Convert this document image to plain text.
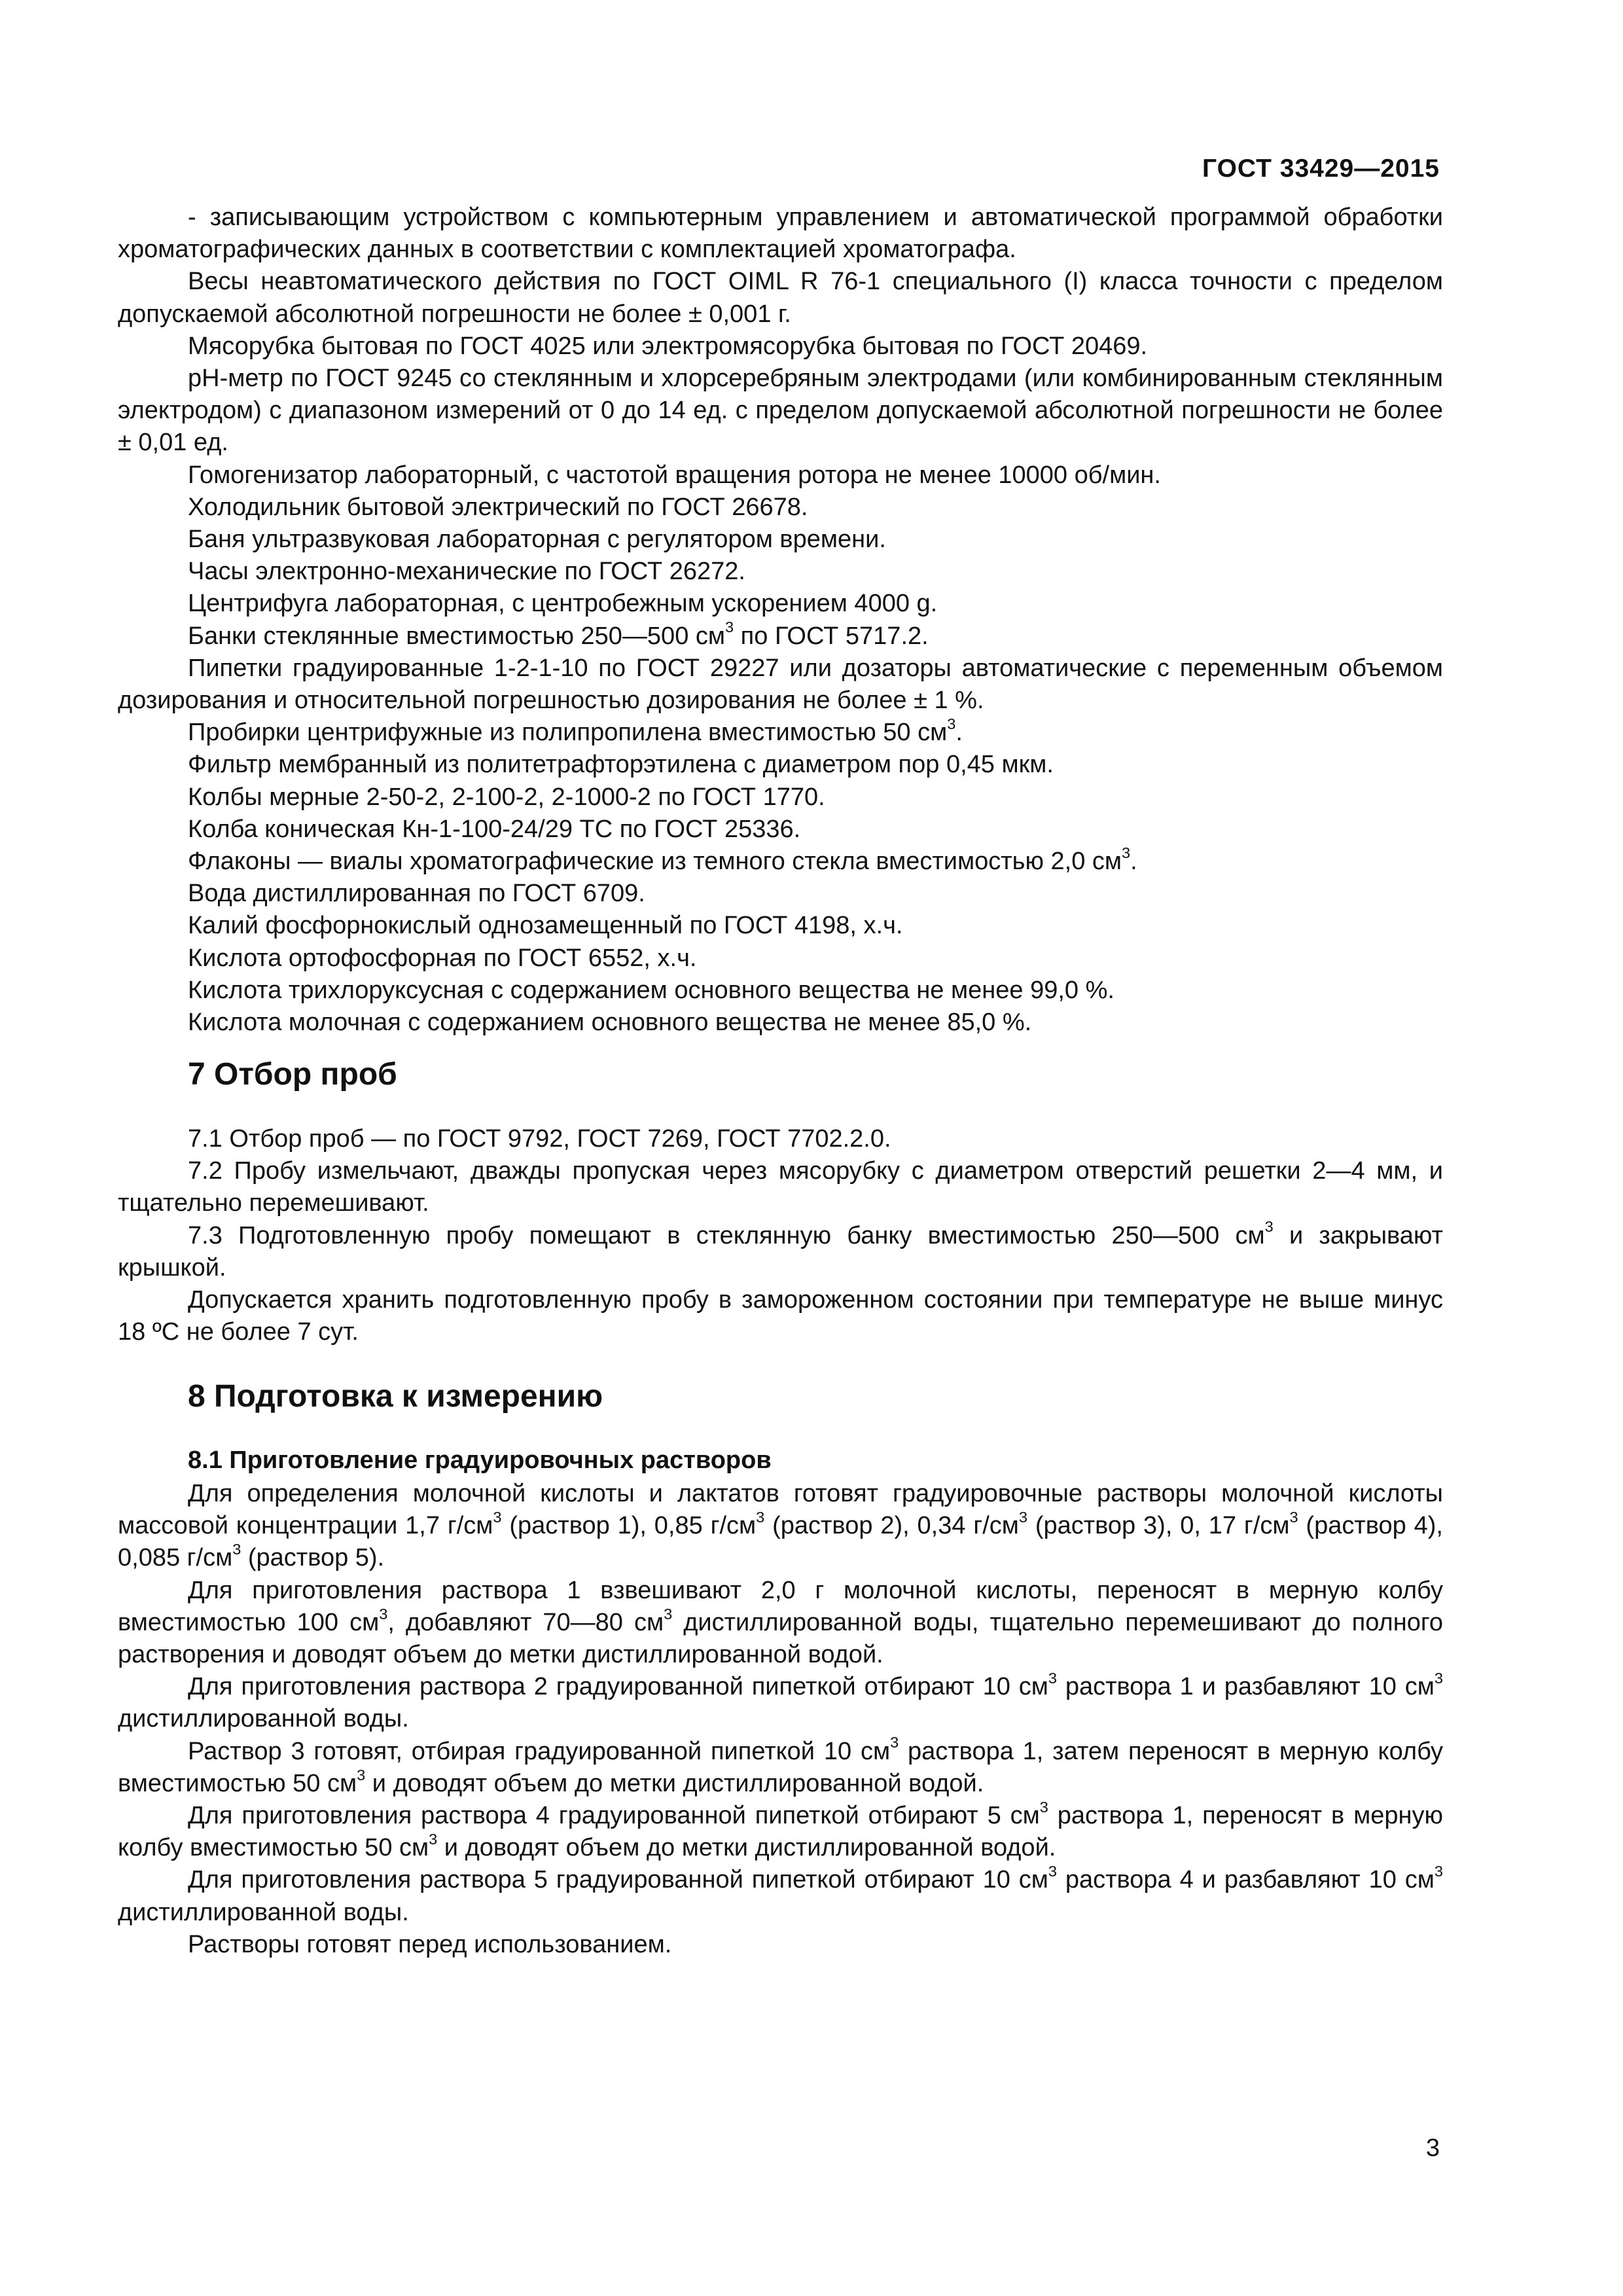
ГОСТ 33429—2015

- записывающим устройством с компьютерным управлением и автоматической программой обработки хроматографических данных в соответствии с комплектацией хроматографа.

Весы неавтоматического действия по ГОСТ OIML R 76-1 специального (I) класса точности с пределом допускаемой абсолютной погрешности не более ± 0,001 г.

Мясорубка бытовая по ГОСТ 4025 или электромясорубка бытовая по ГОСТ 20469.

pH-метр по ГОСТ 9245 со стеклянным и хлорсеребряным электродами (или комбинированным стеклянным электродом) с диапазоном измерений от 0 до 14 ед. с пределом допускаемой абсолютной погрешности не более ± 0,01 ед.

Гомогенизатор лабораторный, с частотой вращения ротора не менее 10000 об/мин.

Холодильник бытовой электрический по ГОСТ 26678.

Баня ультразвуковая лабораторная с регулятором времени.

Часы электронно-механические по ГОСТ 26272.

Центрифуга лабораторная, с центробежным ускорением 4000 g.

Банки стеклянные вместимостью 250—500 $см^3$ по ГОСТ 5717.2.

Пипетки градуированные 1-2-1-10 по ГОСТ 29227 или дозаторы автоматические с переменным объемом дозирования и относительной погрешностью дозирования не более ± 1 %.

Пробирки центрифужные из полипропилена вместимостью 50 $см^3$.

Фильтр мембранный из политетрафторэтилена с диаметром пор 0,45 мкм.

Колбы мерные 2-50-2, 2-100-2, 2-1000-2 по ГОСТ 1770.

Колба коническая Кн-1-100-24/29 ТС по ГОСТ 25336.

Флаконы — виалы хроматографические из темного стекла вместимостью 2,0 $см^3$.

Вода дистиллированная по ГОСТ 6709.

Калий фосфорнокислый однозамещенный по ГОСТ 4198, х.ч.

Кислота ортофосфорная по ГОСТ 6552, х.ч.

Кислота трихлоруксусная с содержанием основного вещества не менее 99,0 %.

Кислота молочная с содержанием основного вещества не менее 85,0 %.

7 Отбор проб

7.1 Отбор проб — по ГОСТ 9792, ГОСТ 7269, ГОСТ 7702.2.0.

7.2 Пробу измельчают, дважды пропуская через мясорубку с диаметром отверстий решетки 2—4 мм, и тщательно перемешивают.

7.3 Подготовленную пробу помещают в стеклянную банку вместимостью 250—500 $см^3$ и закрывают крышкой.

Допускается хранить подготовленную пробу в замороженном состоянии при температуре не выше минус 18 ºС не более 7 сут.

8 Подготовка к измерению
8.1 Приготовление градуировочных растворов

Для определения молочной кислоты и лактатов готовят градуировочные растворы молочной кислоты массовой концентрации 1,7 $г/см^3$ (раствор 1), 0,85 $г/см^3$ (раствор 2), 0,34 $г/см^3$ (раствор 3), 0, 17 $г/см^3$ (раствор 4), 0,085 $г/см^3$ (раствор 5).

Для приготовления раствора 1 взвешивают 2,0 г молочной кислоты, переносят в мерную колбу вместимостью 100 $см^3$, добавляют 70—80 $см^3$ дистиллированной воды, тщательно перемешивают до полного растворения и доводят объем до метки дистиллированной водой.

Для приготовления раствора 2 градуированной пипеткой отбирают 10 $см^3$ раствора 1 и разбавляют 10 $см^3$ дистиллированной воды.

Раствор 3 готовят, отбирая градуированной пипеткой 10 $см^3$ раствора 1, затем переносят в мерную колбу вместимостью 50 $см^3$ и доводят объем до метки дистиллированной водой.

Для приготовления раствора 4 градуированной пипеткой отбирают 5 $см^3$ раствора 1, переносят в мерную колбу вместимостью 50 $см^3$ и доводят объем до метки дистиллированной водой.

Для приготовления раствора 5 градуированной пипеткой отбирают 10 $см^3$ раствора 4 и разбавляют 10 $см^3$ дистиллированной воды.

Растворы готовят перед использованием.

3
